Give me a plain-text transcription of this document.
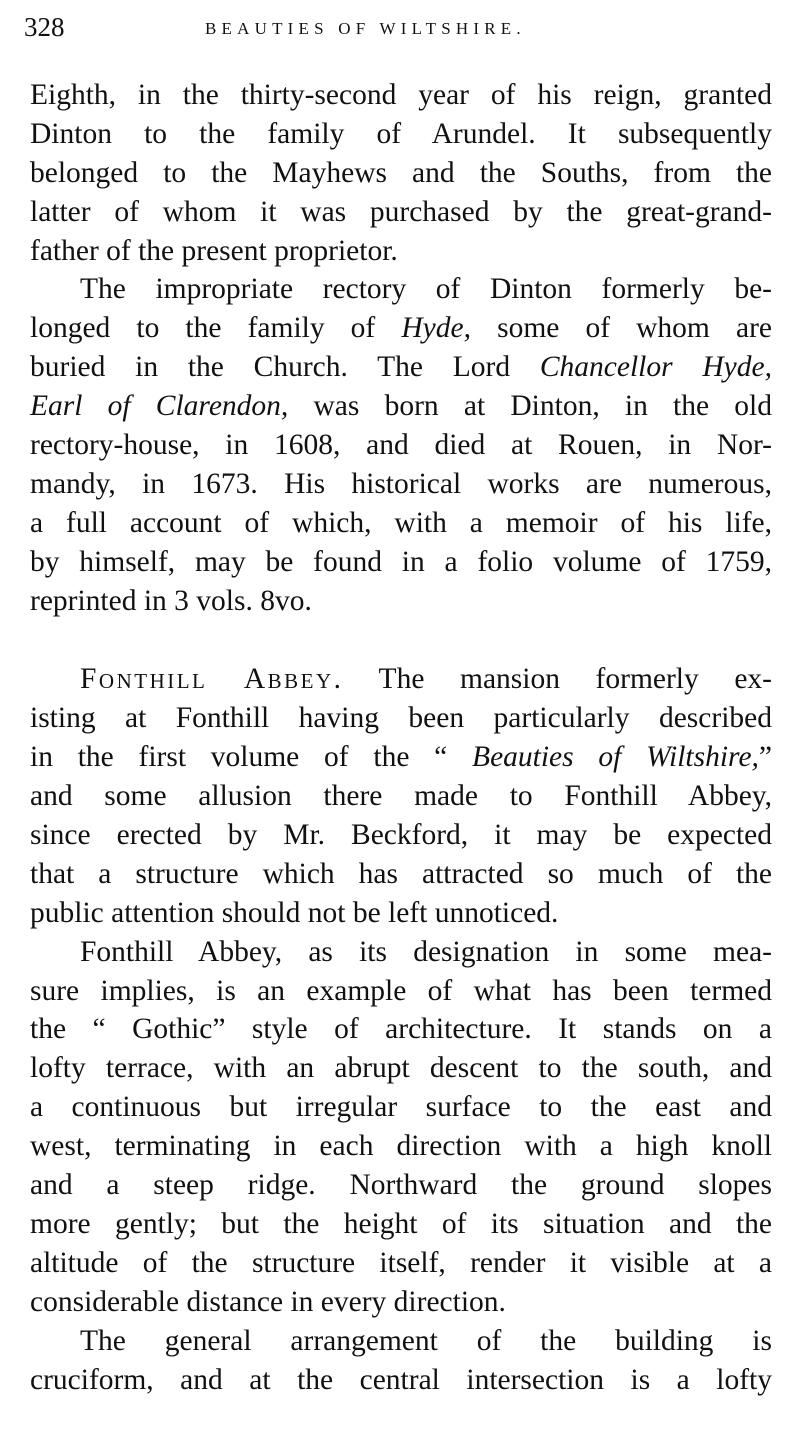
328	BEAUTIES OF WILTSHIRE.
Eighth, in the thirty-second year of his reign, granted
Dinton to the family of Arundel. It subsequently
belonged to the Mayhews and the Souths, from the
latter of whom it was purchased by the great-grand-
father of the present proprietor.
The impropriate rectory of Dinton formerly be-
longed to the family of Hyde, some of whom are
buried in the Church. The Lord Chancellor Hyde,
Earl of Clarendon, was born at Dinton, in the old
rectory-house, in 1608, and died at Rouen, in Nor-
mandy, in 1673. His historical works are numerous,
a full account of which, with a memoir of his life,
by himself, may be found in a folio volume of 1759,
reprinted in 3 vols. 8vo.
Fonthill Abbey. The mansion formerly ex-
isting at Fonthill having been particularly described
in the first volume of the “ Beauties of Wiltshire,”
and some allusion there made to Fonthill Abbey,
since erected by Mr. Beckford, it may be expected
that a structure which has attracted so much of the
public attention should not be left unnoticed.
Fonthill Abbey, as its designation in some mea-
sure implies, is an example of what has been termed
the “ Gothic” style of architecture. It stands on a
lofty terrace, with an abrupt descent to the south, and
a continuous but irregular surface to the east and
west, terminating in each direction with a high knoll
and a steep ridge. Northward the ground slopes
more gently; but the height of its situation and the
altitude of the structure itself, render it visible at a
considerable distance in every direction.
The general arrangement of the building is
cruciform, and at the central intersection is a lofty
